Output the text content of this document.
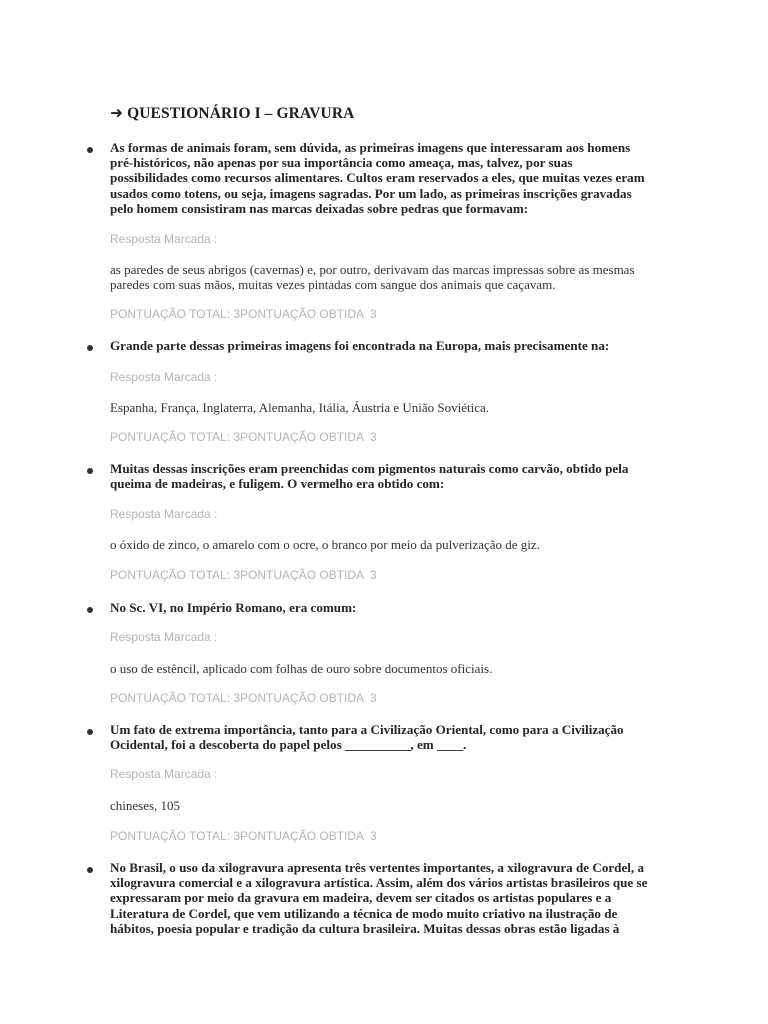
➜ QUESTIONÁRIO I – GRAVURA

As formas de animais foram, sem dúvida, as primeiras imagens que interessaram aos homens pré-históricos, não apenas por sua importância como ameaça, mas, talvez, por suas possibilidades como recursos alimentares. Cultos eram reservados a eles, que muitas vezes eram usados como totens, ou seja, imagens sagradas. Por um lado, as primeiras inscrições gravadas pelo homem consistiram nas marcas deixadas sobre pedras que formavam:

Resposta Marcada :

as paredes de seus abrigos (cavernas) e, por outro, derivavam das marcas impressas sobre as mesmas paredes com suas mãos, muitas vezes pintadas com sangue dos animais que caçavam.

PONTUAÇÃO TOTAL: 3PONTUAÇÃO OBTIDA  3

Grande parte dessas primeiras imagens foi encontrada na Europa, mais precisamente na:

Resposta Marcada :

Espanha, França, Inglaterra, Alemanha, Itália, Áustria e União Soviética.

PONTUAÇÃO TOTAL: 3PONTUAÇÃO OBTIDA  3

Muitas dessas inscrições eram preenchidas com pigmentos naturais como carvão, obtido pela queima de madeiras, e fuligem. O vermelho era obtido com:

Resposta Marcada :

o óxido de zinco, o amarelo com o ocre, o branco por meio da pulverização de giz.

PONTUAÇÃO TOTAL: 3PONTUAÇÃO OBTIDA  3

No Sc. VI, no Império Romano, era comum:

Resposta Marcada :

o uso de estêncil, aplicado com folhas de ouro sobre documentos oficiais.

PONTUAÇÃO TOTAL: 3PONTUAÇÃO OBTIDA  3

Um fato de extrema importância, tanto para a Civilização Oriental, como para a Civilização Ocidental, foi a descoberta do papel pelos __________, em ____.

Resposta Marcada :

chineses, 105

PONTUAÇÃO TOTAL: 3PONTUAÇÃO OBTIDA  3

No Brasil, o uso da xilogravura apresenta três vertentes importantes, a xilogravura de Cordel, a xilogravura comercial e a xilogravura artística. Assim, além dos vários artistas brasileiros que se expressaram por meio da gravura em madeira, devem ser citados os artistas populares e a Literatura de Cordel, que vem utilizando a técnica de modo muito criativo na ilustração de hábitos, poesia popular e tradição da cultura brasileira. Muitas dessas obras estão ligadas à
